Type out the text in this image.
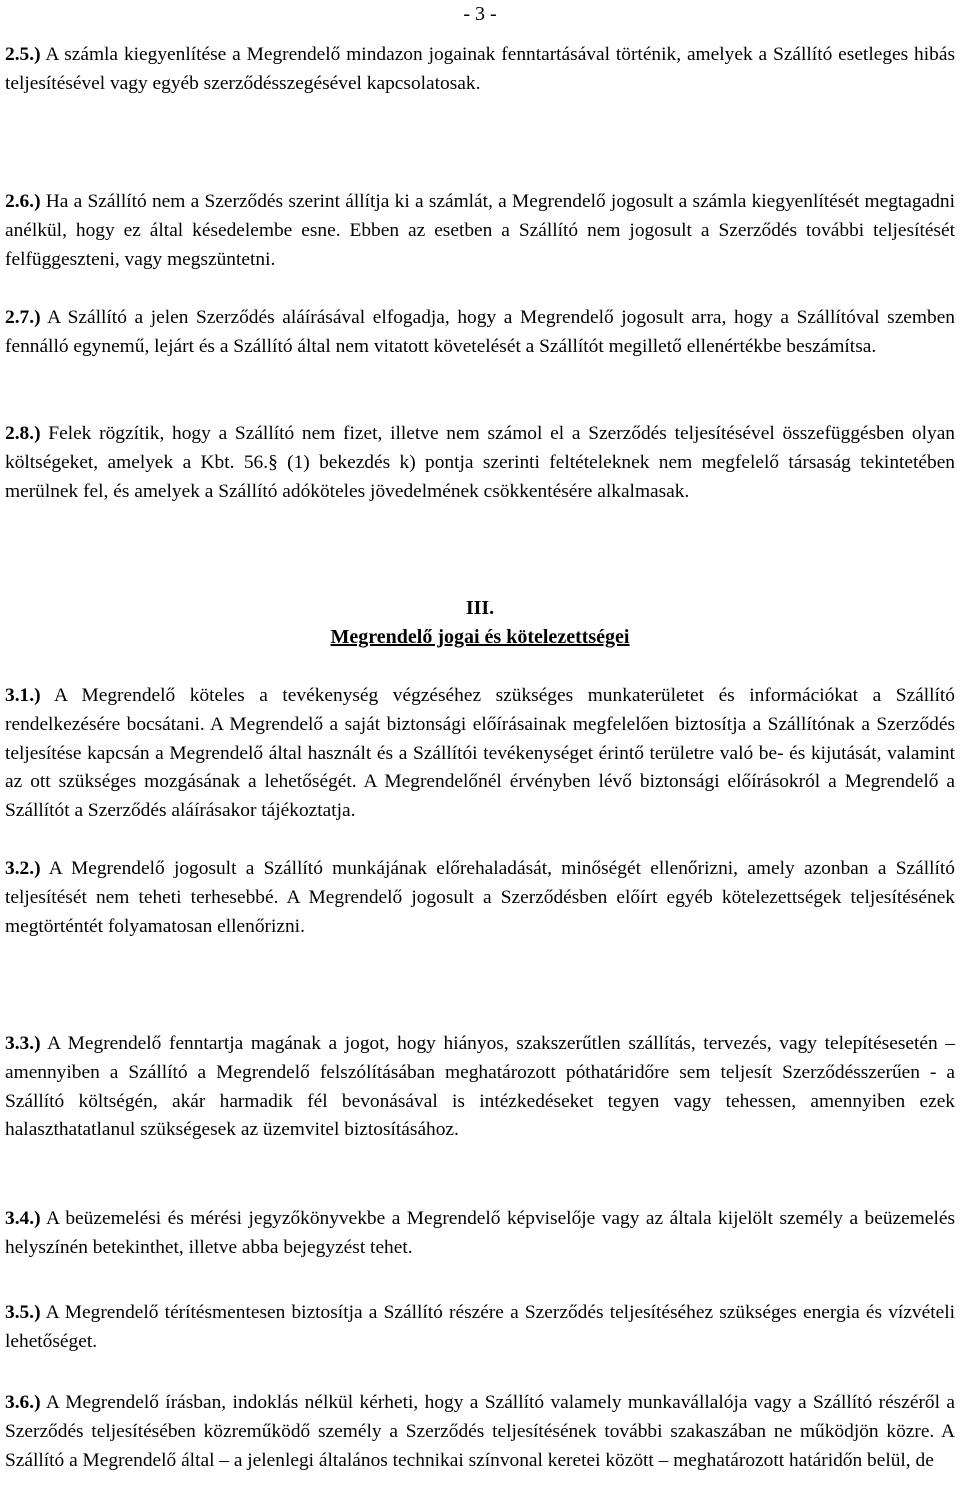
- 3 -

2.5.) A számla kiegyenlítése a Megrendelő mindazon jogainak fenntartásával történik, amelyek a Szállító esetleges hibás teljesítésével vagy egyéb szerződésszegésével kapcsolatosak.

2.6.) Ha a Szállító nem a Szerződés szerint állítja ki a számlát, a Megrendelő jogosult a számla kiegyenlítését megtagadni anélkül, hogy ez által késedelembe esne. Ebben az esetben a Szállító nem jogosult a Szerződés további teljesítését felfüggeszteni, vagy megszüntetni.

2.7.) A Szállító a jelen Szerződés aláírásával elfogadja, hogy a Megrendelő jogosult arra, hogy a Szállítóval szemben fennálló egynemű, lejárt és a Szállító által nem vitatott követelését a Szállítót megillető ellenértékbe beszámítsa.

2.8.) Felek rögzítik, hogy a Szállító nem fizet, illetve nem számol el a Szerződés teljesítésével összefüggésben olyan költségeket, amelyek a Kbt. 56.§ (1) bekezdés k) pontja szerinti feltételeknek nem megfelelő társaság tekintetében merülnek fel, és amelyek a Szállító adóköteles jövedelmének csökkentésére alkalmasak.

III.
Megrendelő jogai és kötelezettségei

3.1.) A Megrendelő köteles a tevékenység végzéséhez szükséges munkaterületet és információkat a Szállító rendelkezésére bocsátani. A Megrendelő a saját biztonsági előírásainak megfelelően biztosítja a Szállítónak a Szerződés teljesítése kapcsán a Megrendelő által használt és a Szállítói tevékenységet érintő területre való be- és kijutását, valamint az ott szükséges mozgásának a lehetőségét. A Megrendelőnél érvényben lévő biztonsági előírásokról a Megrendelő a Szállítót a Szerződés aláírásakor tájékoztatja.

3.2.) A Megrendelő jogosult a Szállító munkájának előrehaladását, minőségét ellenőrizni, amely azonban a Szállító teljesítését nem teheti terhesebbé. A Megrendelő jogosult a Szerződésben előírt egyéb kötelezettségek teljesítésének megtörténtét folyamatosan ellenőrizni.

3.3.) A Megrendelő fenntartja magának a jogot, hogy hiányos, szakszerűtlen szállítás, tervezés, vagy telepítésesetén – amennyiben a Szállító a Megrendelő felszólításában meghatározott póthatáridőre sem teljesít Szerződésszerűen - a Szállító költségén, akár harmadik fél bevonásával is intézkedéseket tegyen vagy tehessen, amennyiben ezek halaszthatatlanul szükségesek az üzemvitel biztosításához.

3.4.) A beüzemelési és mérési jegyzőkönyvekbe a Megrendelő képviselője vagy az általa kijelölt személy a beüzemelés helyszínén betekinthet, illetve abba bejegyzést tehet.

3.5.) A Megrendelő térítésmentesen biztosítja a Szállító részére a Szerződés teljesítéséhez szükséges energia és vízvételi lehetőséget.

3.6.) A Megrendelő írásban, indoklás nélkül kérheti, hogy a Szállító valamely munkavállalója vagy a Szállító részéről a Szerződés teljesítésében közreműködő személy a Szerződés teljesítésének további szakaszában ne működjön közre. A Szállító a Megrendelő által – a jelenlegi általános technikai színvonal keretei között – meghatározott határidőn belül, de
